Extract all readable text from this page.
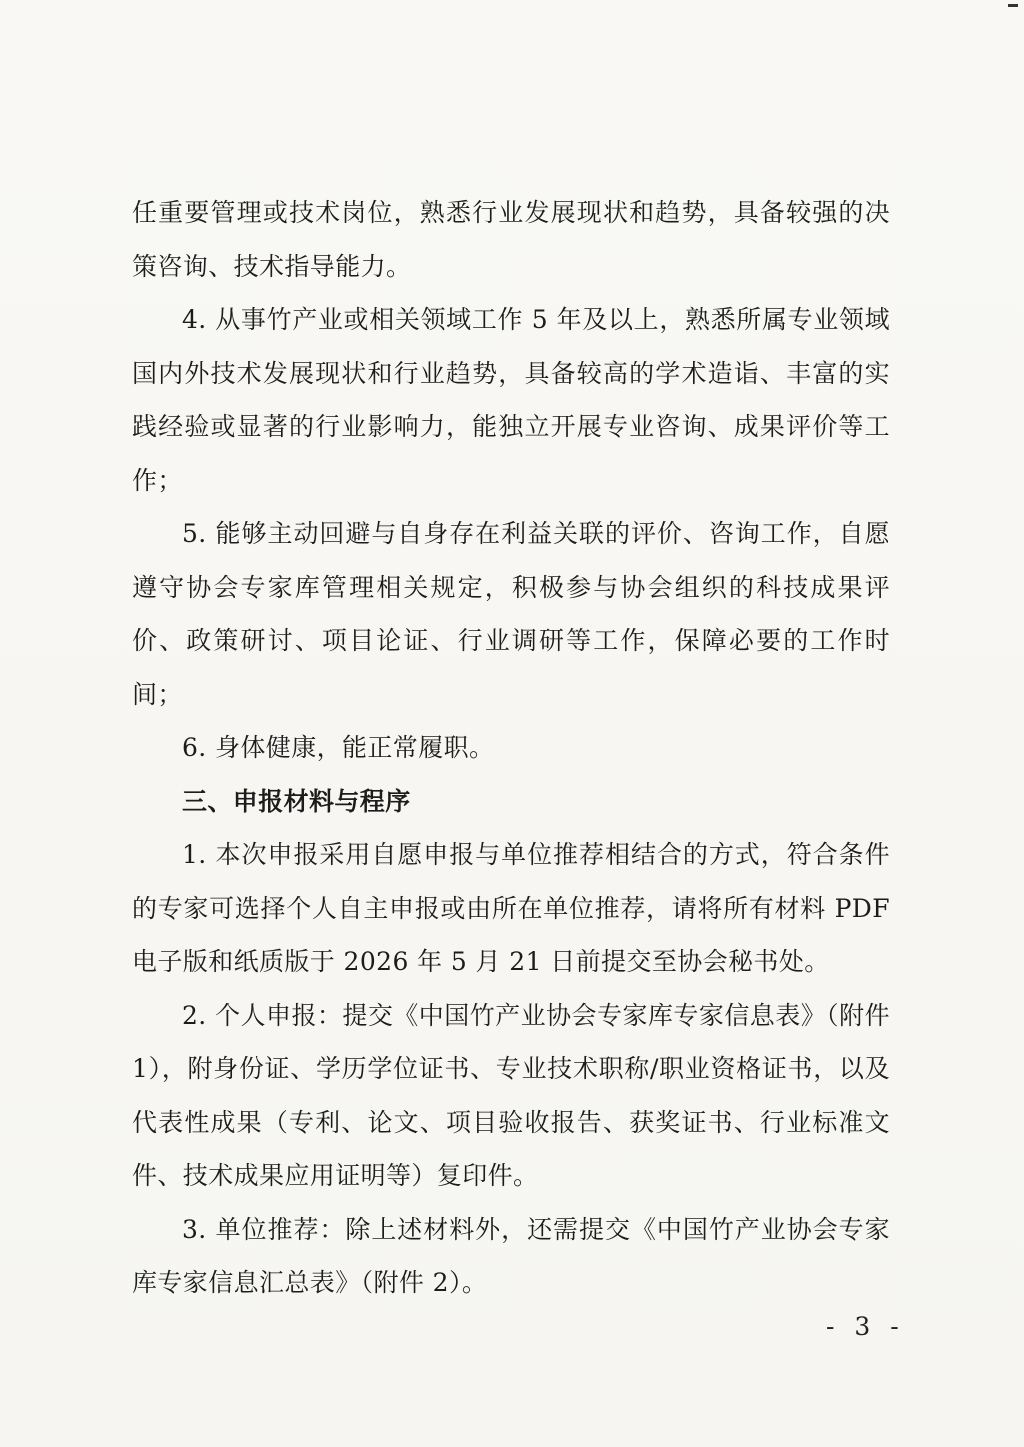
任重要管理或技术岗位，熟悉行业发展现状和趋势，具备较强的决策咨询、技术指导能力。

4. 从事竹产业或相关领域工作 5 年及以上，熟悉所属专业领域国内外技术发展现状和行业趋势，具备较高的学术造诣、丰富的实践经验或显著的行业影响力，能独立开展专业咨询、成果评价等工作；

5. 能够主动回避与自身存在利益关联的评价、咨询工作，自愿遵守协会专家库管理相关规定，积极参与协会组织的科技成果评价、政策研讨、项目论证、行业调研等工作，保障必要的工作时间；

6. 身体健康，能正常履职。

三、申报材料与程序

1. 本次申报采用自愿申报与单位推荐相结合的方式，符合条件的专家可选择个人自主申报或由所在单位推荐，请将所有材料 PDF 电子版和纸质版于 2026 年 5 月 21 日前提交至协会秘书处。

2. 个人申报：提交《中国竹产业协会专家库专家信息表》（附件 1），附身份证、学历学位证书、专业技术职称/职业资格证书，以及代表性成果（专利、论文、项目验收报告、获奖证书、行业标准文件、技术成果应用证明等）复印件。

3. 单位推荐：除上述材料外，还需提交《中国竹产业协会专家库专家信息汇总表》（附件 2）。

- 3 -
